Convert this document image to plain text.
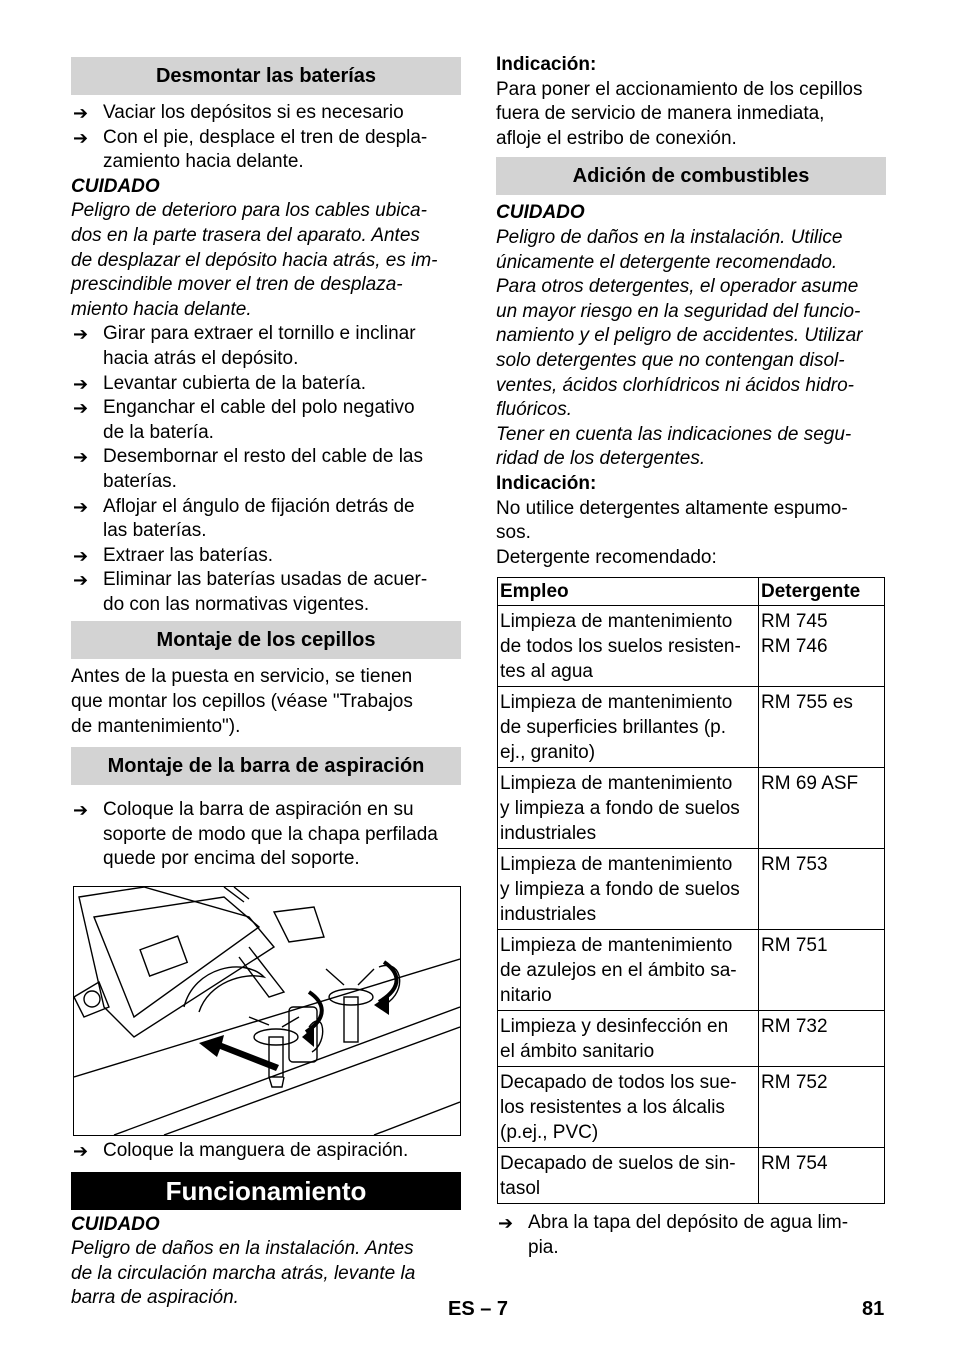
Desmontar las baterías
➔ Vaciar los depósitos si es necesario
➔ Con el pie, desplace el tren de despla-
zamiento hacia delante.
CUIDADO

Peligro de deterioro para los cables ubica-
dos en la parte trasera del aparato. Antes
de desplazar el depósito hacia atrás, es im-
prescindible mover el tren de desplaza-
miento hacia delante.

➔ Girar para extraer el tornillo e inclinar
hacia atrás el depósito.
➔ Levantar cubierta de la batería.
➔ Enganchar el cable del polo negativo
de la batería.
➔ Desembornar el resto del cable de las
baterías.
➔ Aflojar el ángulo de fijación detrás de
las baterías.
➔ Extraer las baterías.
➔ Eliminar las baterías usadas de acuer-
do con las normativas vigentes.
Montaje de los cepillos

Antes de la puesta en servicio, se tienen
que montar los cepillos (véase "Trabajos
de mantenimiento").

Montaje de la barra de aspiración
➔ Coloque la barra de aspiración en su
soporte de modo que la chapa perfilada
quede por encima del soporte.
➔ Coloque la manguera de aspiración.
Funcionamiento
CUIDADO

Peligro de daños en la instalación. Antes
de la circulación marcha atrás, levante la
barra de aspiración.

Indicación:

Para poner el accionamiento de los cepillos
fuera de servicio de manera inmediata,
afloje el estribo de conexión.

Adición de combustibles
CUIDADO

Peligro de daños en la instalación. Utilice
únicamente el detergente recomendado.
Para otros detergentes, el operador asume
un mayor riesgo en la seguridad del funcio-
namiento y el peligro de accidentes. Utilizar
solo detergentes que no contengan disol-
ventes, ácidos clorhídricos ni ácidos hidro-
fluóricos.

Tener en cuenta las indicaciones de segu-
ridad de los detergentes.

Indicación:

No utilice detergentes altamente espumo-
sos.

Detergente recomendado:

Empleo	Detergente
Limpieza de mantenimiento
de todos los suelos resisten-
tes al agua	RM 745
RM 746
Limpieza de mantenimiento
de superficies brillantes (p.
ej., granito)	RM 755 es
Limpieza de mantenimiento
y limpieza a fondo de suelos
industriales	RM 69 ASF
Limpieza de mantenimiento
y limpieza a fondo de suelos
industriales	RM 753
Limpieza de mantenimiento
de azulejos en el ámbito sa-
nitario	RM 751
Limpieza y desinfección en
el ámbito sanitario	RM 732
Decapado de todos los sue-
los resistentes a los álcalis
(p.ej., PVC)	RM 752
Decapado de suelos de sin-
tasol	RM 754
➔ Abra la tapa del depósito de agua lim-
pia.
ES – 7	81
